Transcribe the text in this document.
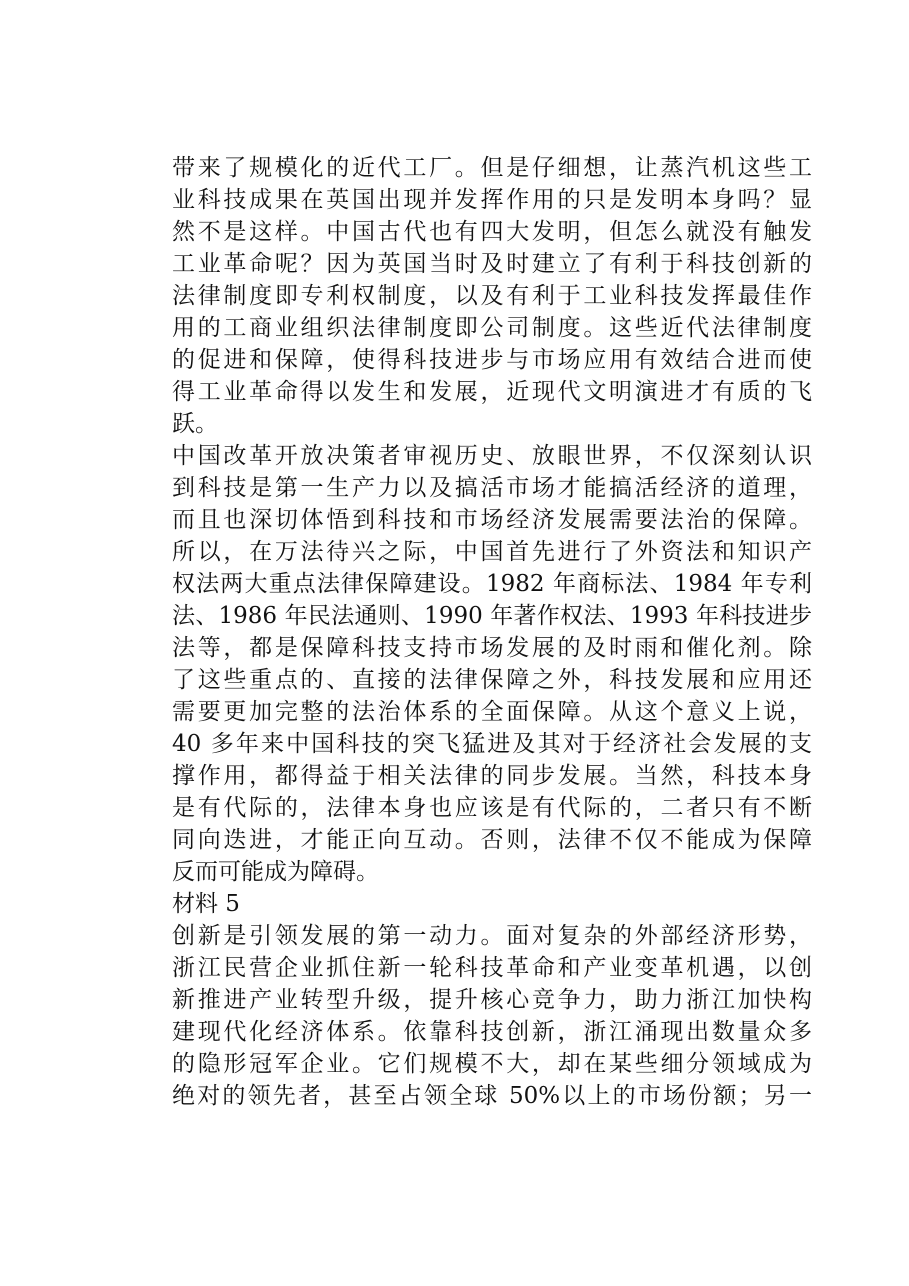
带来了规模化的近代工厂。但是仔细想，让蒸汽机这些工
业科技成果在英国出现并发挥作用的只是发明本身吗？显
然不是这样。中国古代也有四大发明，但怎么就没有触发
工业革命呢？因为英国当时及时建立了有利于科技创新的
法律制度即专利权制度，以及有利于工业科技发挥最佳作
用的工商业组织法律制度即公司制度。这些近代法律制度
的促进和保障，使得科技进步与市场应用有效结合进而使
得工业革命得以发生和发展，近现代文明演进才有质的飞
跃。
中国改革开放决策者审视历史、放眼世界，不仅深刻认识
到科技是第一生产力以及搞活市场才能搞活经济的道理，
而且也深切体悟到科技和市场经济发展需要法治的保障。
所以，在万法待兴之际，中国首先进行了外资法和知识产
权法两大重点法律保障建设。1982 年商标法、1984 年专利
法、1986 年民法通则、1990 年著作权法、1993 年科技进步
法等，都是保障科技支持市场发展的及时雨和催化剂。除
了这些重点的、直接的法律保障之外，科技发展和应用还
需要更加完整的法治体系的全面保障。从这个意义上说，
40 多年来中国科技的突飞猛进及其对于经济社会发展的支
撑作用，都得益于相关法律的同步发展。当然，科技本身
是有代际的，法律本身也应该是有代际的，二者只有不断
同向迭进，才能正向互动。否则，法律不仅不能成为保障
反而可能成为障碍。
材料 5
创新是引领发展的第一动力。面对复杂的外部经济形势，
浙江民营企业抓住新一轮科技革命和产业变革机遇，以创
新推进产业转型升级，提升核心竞争力，助力浙江加快构
建现代化经济体系。依靠科技创新，浙江涌现出数量众多
的隐形冠军企业。它们规模不大，却在某些细分领域成为
绝对的领先者，甚至占领全球 50%以上的市场份额；另一
